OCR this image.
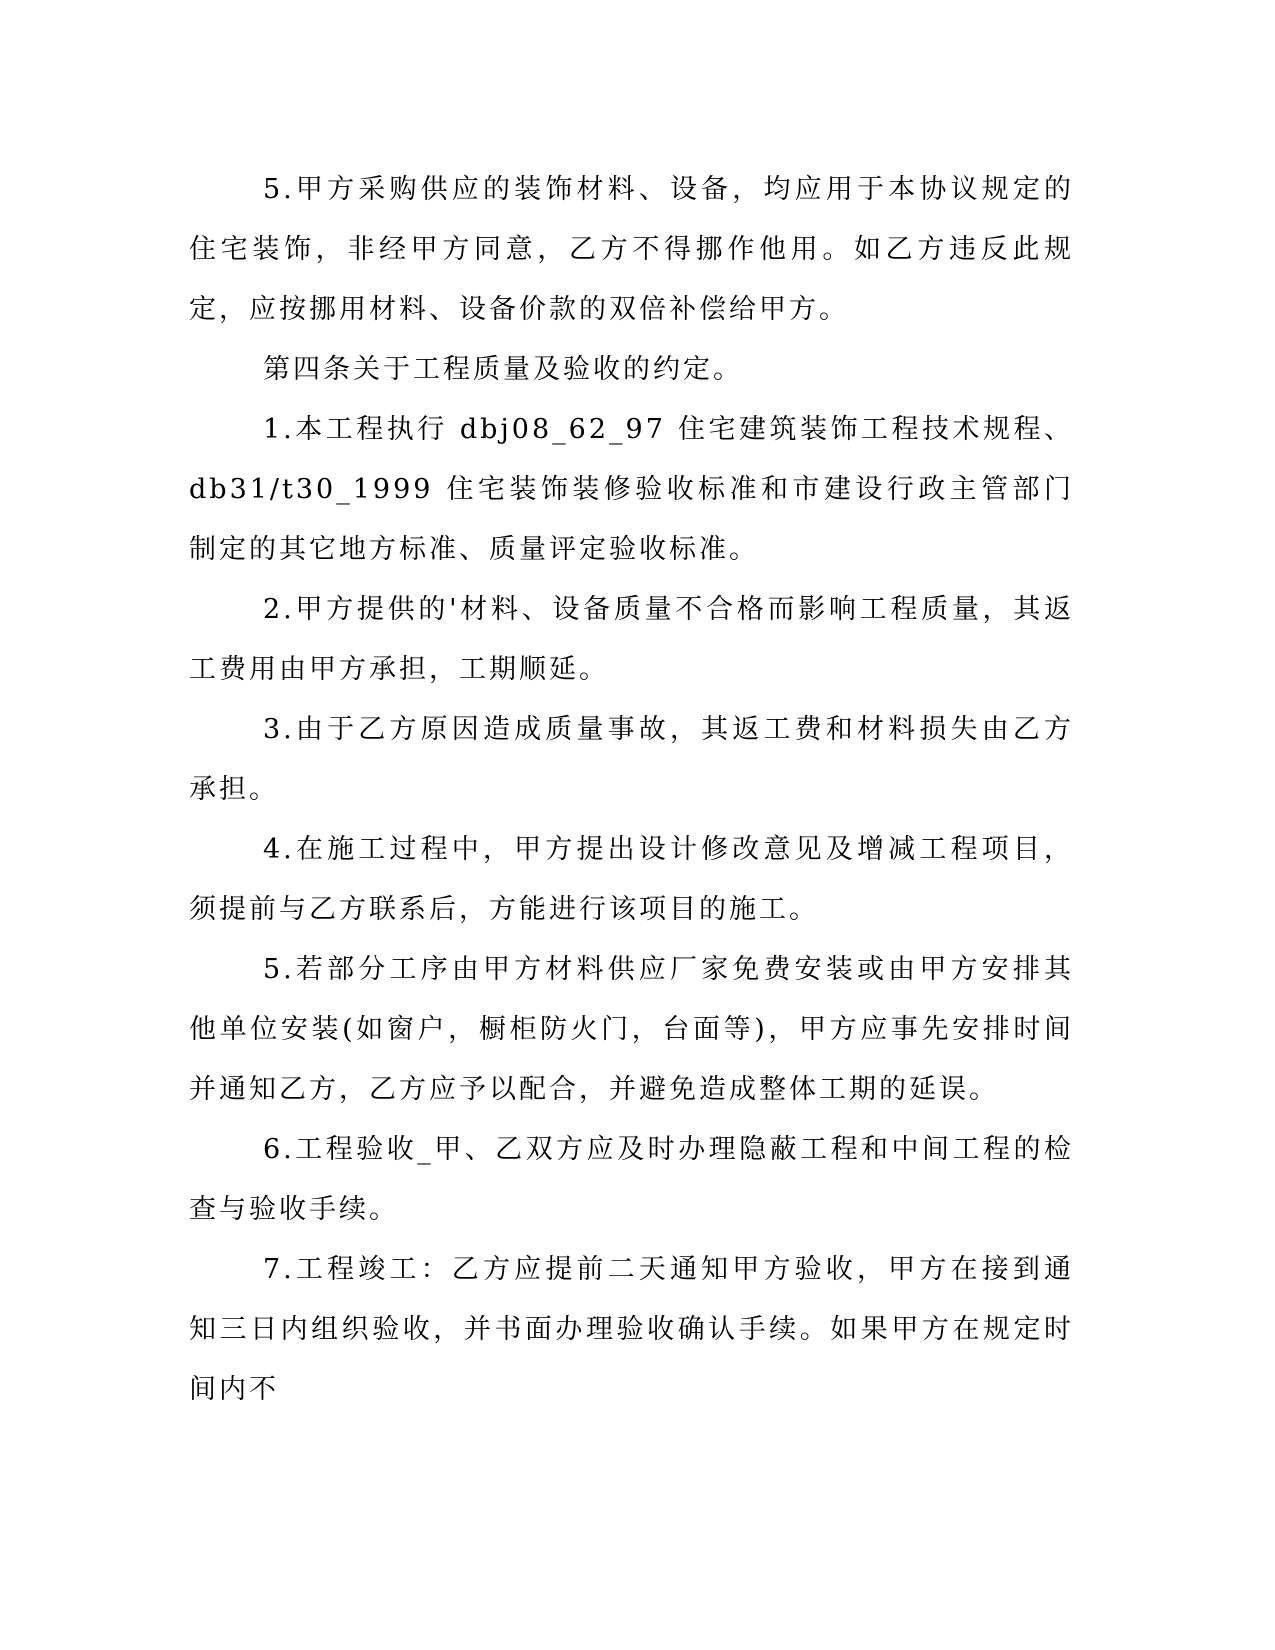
5.甲方采购供应的装饰材料、设备，均应用于本协议规定的住宅装饰，非经甲方同意，乙方不得挪作他用。如乙方违反此规定，应按挪用材料、设备价款的双倍补偿给甲方。

第四条关于工程质量及验收的约定。

1.本工程执行 dbj08_62_97 住宅建筑装饰工程技术规程、db31/t30_1999 住宅装饰装修验收标准和市建设行政主管部门制定的其它地方标准、质量评定验收标准。

2.甲方提供的'材料、设备质量不合格而影响工程质量，其返工费用由甲方承担，工期顺延。

3.由于乙方原因造成质量事故，其返工费和材料损失由乙方承担。

4.在施工过程中，甲方提出设计修改意见及增减工程项目，须提前与乙方联系后，方能进行该项目的施工。

5.若部分工序由甲方材料供应厂家免费安装或由甲方安排其他单位安装(如窗户，橱柜防火门，台面等)，甲方应事先安排时间并通知乙方，乙方应予以配合，并避免造成整体工期的延误。

6.工程验收_甲、乙双方应及时办理隐蔽工程和中间工程的检查与验收手续。

7.工程竣工：乙方应提前二天通知甲方验收，甲方在接到通知三日内组织验收，并书面办理验收确认手续。如果甲方在规定时间内不
